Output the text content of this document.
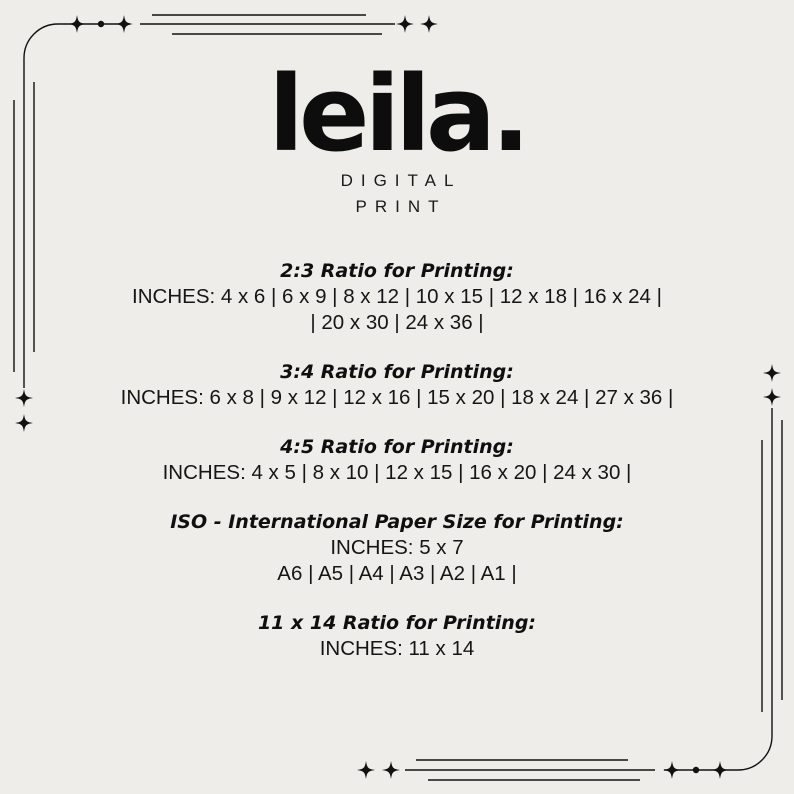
leila.
DIGITAL
PRINT
2:3 Ratio for Printing:
INCHES: 4 x 6 | 6 x 9 | 8 x 12 | 10 x 15 | 12 x 18 | 16 x 24 |
| 20 x 30 | 24 x 36 |
3:4 Ratio for Printing:
INCHES: 6 x 8 | 9 x 12 | 12 x 16 | 15 x 20 | 18 x 24 | 27 x 36 |
4:5 Ratio for Printing:
INCHES: 4 x 5 | 8 x 10 | 12 x 15 | 16 x 20 | 24 x 30 |
ISO - International Paper Size for Printing:
INCHES: 5 x 7
A6 | A5 | A4 | A3 | A2 | A1 |
11 x 14 Ratio for Printing:
INCHES: 11 x 14
